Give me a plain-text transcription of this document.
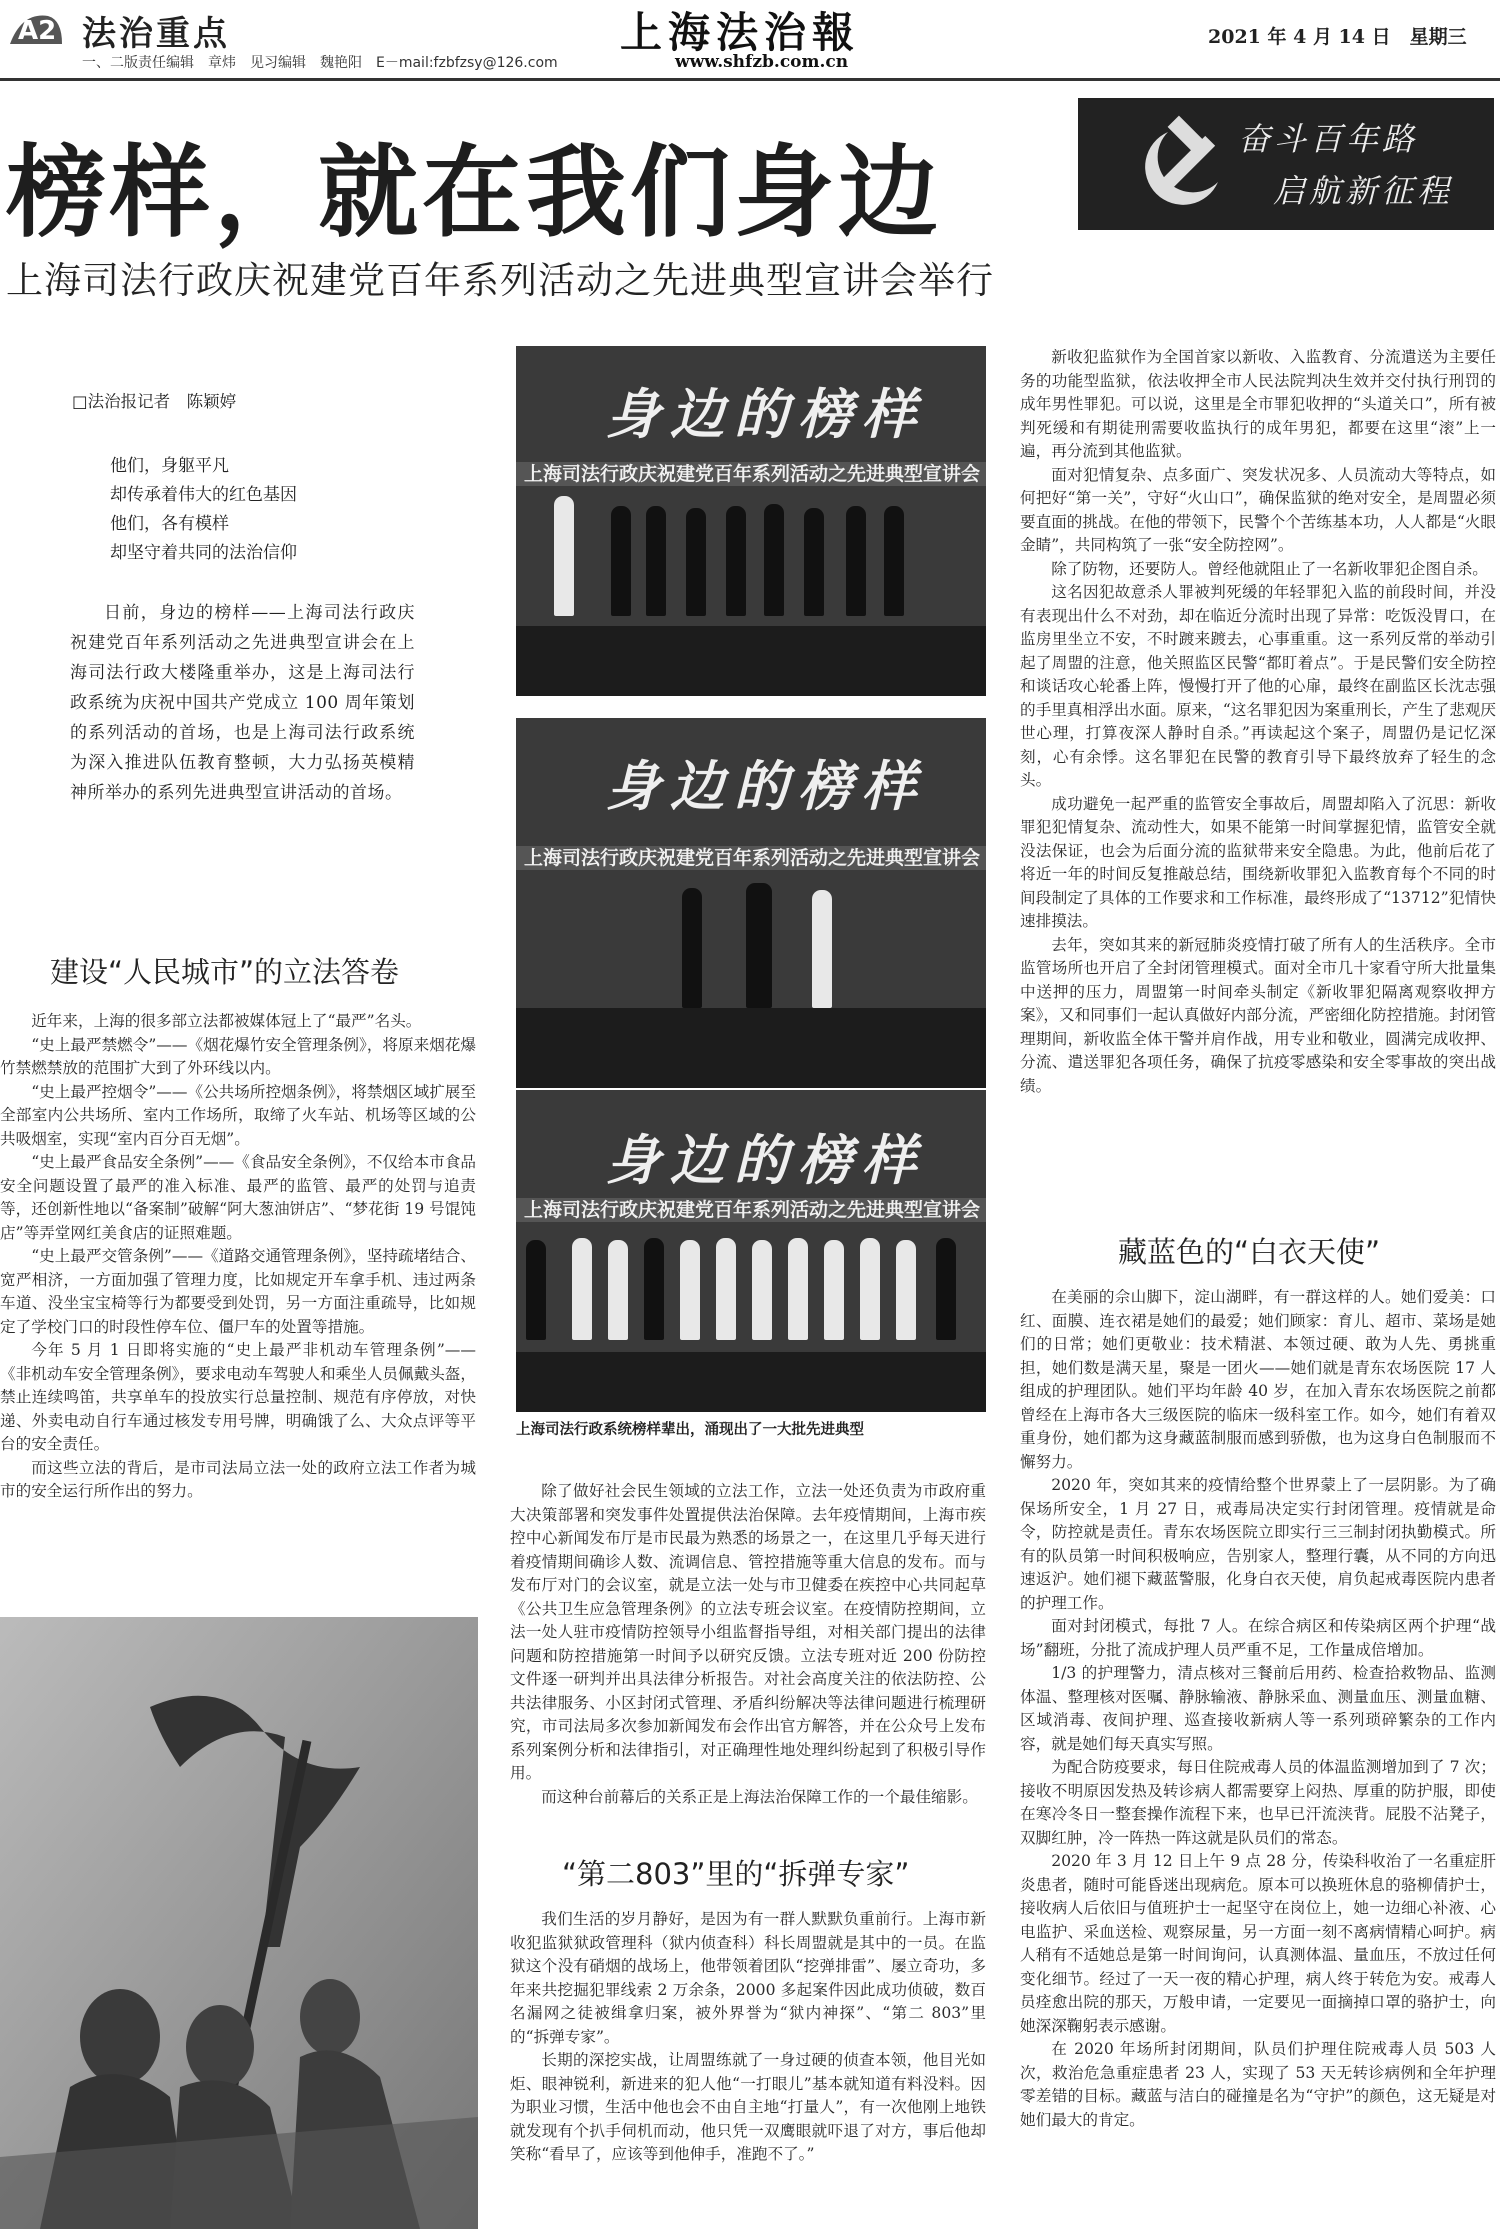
A2 法治重点
一、二版责任编辑　章炜　见习编辑　魏艳阳　E－mail:fzbfzsy@126.com
上海法治報
www.shfzb.com.cn
2021 年 4 月 14 日　星期三
榜样，就在我们身边
上海司法行政庆祝建党百年系列活动之先进典型宣讲会举行
奋斗百年路
启航新征程
□法治报记者　陈颖婷
他们，身躯平凡
却传承着伟大的红色基因
他们，各有模样
却坚守着共同的法治信仰

日前，身边的榜样——上海司法行政庆祝建党百年系列活动之先进典型宣讲会在上海司法行政大楼隆重举办，这是上海司法行政系统为庆祝中国共产党成立 100 周年策划的系列活动的首场，也是上海司法行政系统为深入推进队伍教育整顿，大力弘扬英模精神所举办的系列先进典型宣讲活动的首场。

建设“人民城市”的立法答卷

近年来，上海的很多部立法都被媒体冠上了“最严”名头。

“史上最严禁燃令”——《烟花爆竹安全管理条例》，将原来烟花爆竹禁燃禁放的范围扩大到了外环线以内。

“史上最严控烟令”——《公共场所控烟条例》，将禁烟区域扩展至全部室内公共场所、室内工作场所，取缔了火车站、机场等区域的公共吸烟室，实现“室内百分百无烟”。

“史上最严食品安全条例”——《食品安全条例》，不仅给本市食品安全问题设置了最严的准入标准、最严的监管、最严的处罚与追责等，还创新性地以“备案制”破解“阿大葱油饼店”、“梦花街 19 号馄饨店”等弄堂网红美食店的证照难题。

“史上最严交管条例”——《道路交通管理条例》，坚持疏堵结合、宽严相济，一方面加强了管理力度，比如规定开车拿手机、违过两条车道、没坐宝宝椅等行为都要受到处罚，另一方面注重疏导，比如规定了学校门口的时段性停车位、僵尸车的处置等措施。

今年 5 月 1 日即将实施的“史上最严非机动车管理条例”——《非机动车安全管理条例》，要求电动车驾驶人和乘坐人员佩戴头盔，禁止连续鸣笛，共享单车的投放实行总量控制、规范有序停放，对快递、外卖电动自行车通过核发专用号牌，明确饿了么、大众点评等平台的安全责任。

而这些立法的背后，是市司法局立法一处的政府立法工作者为城市的安全运行所作出的努力。

身边的榜样
上海司法行政庆祝建党百年系列活动之先进典型宣讲会
身边的榜样
上海司法行政庆祝建党百年系列活动之先进典型宣讲会
身边的榜样
上海司法行政庆祝建党百年系列活动之先进典型宣讲会
上海司法行政系统榜样辈出，涌现出了一大批先进典型

除了做好社会民生领域的立法工作，立法一处还负责为市政府重大决策部署和突发事件处置提供法治保障。去年疫情期间，上海市疾控中心新闻发布厅是市民最为熟悉的场景之一，在这里几乎每天进行着疫情期间确诊人数、流调信息、管控措施等重大信息的发布。而与发布厅对门的会议室，就是立法一处与市卫健委在疾控中心共同起草《公共卫生应急管理条例》的立法专班会议室。在疫情防控期间，立法一处人驻市疫情防控领导小组监督指导组，对相关部门提出的法律问题和防控措施第一时间予以研究反馈。立法专班对近 200 份防控文件逐一研判并出具法律分析报告。对社会高度关注的依法防控、公共法律服务、小区封闭式管理、矛盾纠纷解决等法律问题进行梳理研究，市司法局多次参加新闻发布会作出官方解答，并在公众号上发布系列案例分析和法律指引，对正确理性地处理纠纷起到了积极引导作用。

而这种台前幕后的关系正是上海法治保障工作的一个最佳缩影。

“第二803”里的“拆弹专家”

我们生活的岁月静好，是因为有一群人默默负重前行。上海市新收犯监狱狱政管理科（狱内侦查科）科长周盟就是其中的一员。在监狱这个没有硝烟的战场上，他带领着团队“挖弹排雷”、屡立奇功，多年来共挖掘犯罪线索 2 万余条，2000 多起案件因此成功侦破，数百名漏网之徒被缉拿归案，被外界誉为“狱内神探”、“第二 803”里的“拆弹专家”。

长期的深挖实战，让周盟练就了一身过硬的侦查本领，他目光如炬、眼神锐利，新进来的犯人他“一打眼儿”基本就知道有料没料。因为职业习惯，生活中他也会不由自主地“打量人”，有一次他刚上地铁就发现有个扒手伺机而动，他只凭一双鹰眼就吓退了对方，事后他却笑称“看早了，应该等到他伸手，准跑不了。”

新收犯监狱作为全国首家以新收、入监教育、分流遣送为主要任务的功能型监狱，依法收押全市人民法院判决生效并交付执行刑罚的成年男性罪犯。可以说，这里是全市罪犯收押的“头道关口”，所有被判死缓和有期徒刑需要收监执行的成年男犯，都要在这里“滚”上一遍，再分流到其他监狱。

面对犯情复杂、点多面广、突发状况多、人员流动大等特点，如何把好“第一关”，守好“火山口”，确保监狱的绝对安全，是周盟必须要直面的挑战。在他的带领下，民警个个苦练基本功，人人都是“火眼金睛”，共同构筑了一张“安全防控网”。

除了防物，还要防人。曾经他就阻止了一名新收罪犯企图自杀。

这名因犯故意杀人罪被判死缓的年轻罪犯入监的前段时间，并没有表现出什么不对劲，却在临近分流时出现了异常：吃饭没胃口，在监房里坐立不安，不时踱来踱去，心事重重。这一系列反常的举动引起了周盟的注意，他关照监区民警“都盯着点”。于是民警们安全防控和谈话攻心轮番上阵，慢慢打开了他的心扉，最终在副监区长沈志强的手里真相浮出水面。原来，“这名罪犯因为案重刑长，产生了悲观厌世心理，打算夜深人静时自杀。”再读起这个案子，周盟仍是记忆深刻，心有余悸。这名罪犯在民警的教育引导下最终放弃了轻生的念头。

成功避免一起严重的监管安全事故后，周盟却陷入了沉思：新收罪犯犯情复杂、流动性大，如果不能第一时间掌握犯情，监管安全就没法保证，也会为后面分流的监狱带来安全隐患。为此，他前后花了将近一年的时间反复推敲总结，围绕新收罪犯入监教育每个不同的时间段制定了具体的工作要求和工作标准，最终形成了“13712”犯情快速排摸法。

去年，突如其来的新冠肺炎疫情打破了所有人的生活秩序。全市监管场所也开启了全封闭管理模式。面对全市几十家看守所大批量集中送押的压力，周盟第一时间牵头制定《新收罪犯隔离观察收押方案》，又和同事们一起认真做好内部分流，严密细化防控措施。封闭管理期间，新收监全体干警并肩作战，用专业和敬业，圆满完成收押、分流、遣送罪犯各项任务，确保了抗疫零感染和安全零事故的突出战绩。

藏蓝色的“白衣天使”

在美丽的佘山脚下，淀山湖畔，有一群这样的人。她们爱美：口红、面膜、连衣裙是她们的最爱；她们顾家：育儿、超市、菜场是她们的日常；她们更敬业：技术精湛、本领过硬、敢为人先、勇挑重担，她们数是满天星，聚是一团火——她们就是青东农场医院 17 人组成的护理团队。她们平均年龄 40 岁，在加入青东农场医院之前都曾经在上海市各大三级医院的临床一级科室工作。如今，她们有着双重身份，她们都为这身藏蓝制服而感到骄傲，也为这身白色制服而不懈努力。

2020 年，突如其来的疫情给整个世界蒙上了一层阴影。为了确保场所安全，1 月 27 日，戒毒局决定实行封闭管理。疫情就是命令，防控就是责任。青东农场医院立即实行三三制封闭执勤模式。所有的队员第一时间积极响应，告别家人，整理行囊，从不同的方向迅速返沪。她们褪下藏蓝警服，化身白衣天使，肩负起戒毒医院内患者的护理工作。

面对封闭模式，每批 7 人。在综合病区和传染病区两个护理“战场”翻班，分批了流成护理人员严重不足，工作量成倍增加。

1/3 的护理警力，清点核对三餐前后用药、检查拾救物品、监测体温、整理核对医嘱、静脉输液、静脉采血、测量血压、测量血糖、区域消毒、夜间护理、巡查接收新病人等一系列琐碎繁杂的工作内容，就是她们每天真实写照。

为配合防疫要求，每日住院戒毒人员的体温监测增加到了 7 次；接收不明原因发热及转诊病人都需要穿上闷热、厚重的防护服，即使在寒冷冬日一整套操作流程下来，也早已汗流浃背。屁股不沾凳子，双脚红肿，冷一阵热一阵这就是队员们的常态。

2020 年 3 月 12 日上午 9 点 28 分，传染科收治了一名重症肝炎患者，随时可能昏迷出现病危。原本可以换班休息的骆柳倩护士，接收病人后依旧与值班护士一起坚守在岗位上，她一边细心补液、心电监护、采血送检、观察尿量，另一方面一刻不离病情精心呵护。病人稍有不适她总是第一时间询问，认真测体温、量血压，不放过任何变化细节。经过了一天一夜的精心护理，病人终于转危为安。戒毒人员痊愈出院的那天，万般申请，一定要见一面摘掉口罩的骆护士，向她深深鞠躬表示感谢。

在 2020 年场所封闭期间，队员们护理住院戒毒人员 503 人次，救治危急重症患者 23 人，实现了 53 天无转诊病例和全年护理零差错的目标。藏蓝与洁白的碰撞是名为“守护”的颜色，这无疑是对她们最大的肯定。
